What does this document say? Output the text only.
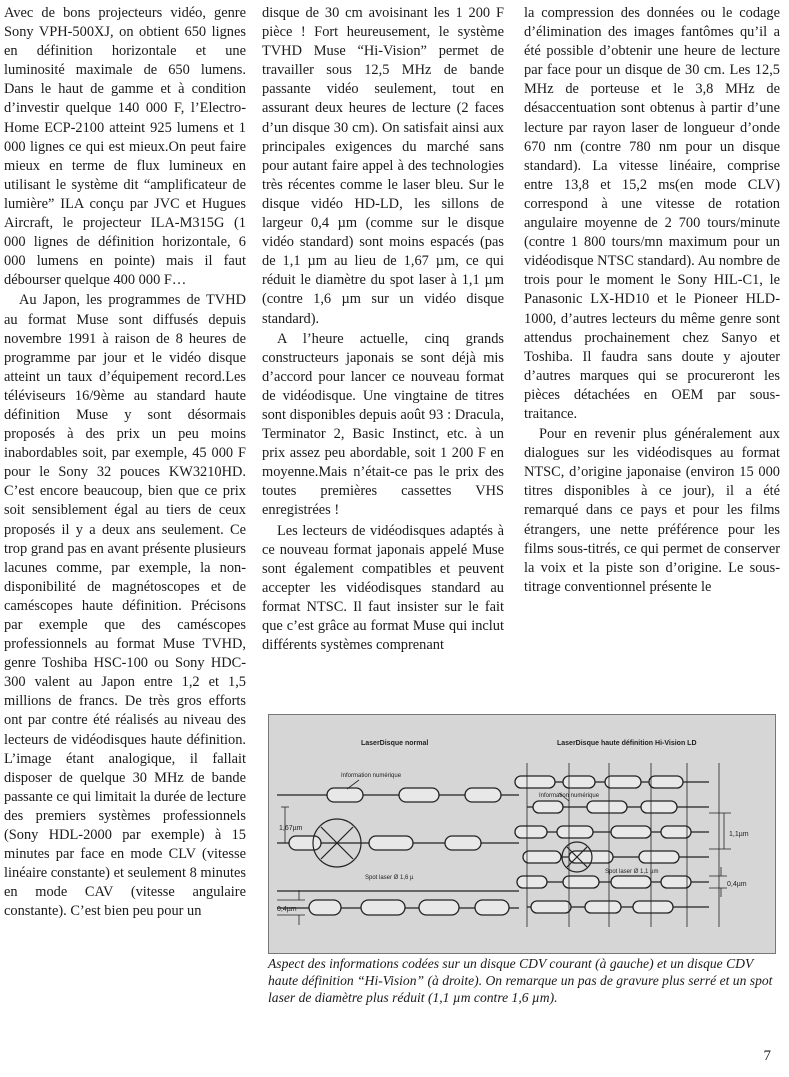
Avec de bons projecteurs vidéo, genre Sony VPH-500XJ, on obtient 650 lignes en définition horizontale et une luminosité maximale de 650 lumens. Dans le haut de gamme et à condition d’investir quelque 140 000 F, l’Electro-Home ECP-2100 atteint 925 lumens et 1 000 lignes ce qui est mieux.On peut faire mieux en terme de flux lumineux en utilisant le système dit “amplificateur de lumière” ILA conçu par JVC et Hugues Aircraft, le projecteur ILA-M315G (1 000 lignes de définition horizontale, 6 000 lumens en pointe) mais il faut débourser quelque 400 000 F…

Au Japon, les programmes de TVHD au format Muse sont diffusés depuis novembre 1991 à raison de 8 heures de programme par jour et le vidéo disque atteint un taux d’équipement record.Les téléviseurs 16/9ème au standard haute définition Muse y sont désormais proposés à des prix un peu moins inabordables soit, par exemple, 45 000 F pour le Sony 32 pouces KW3210HD. C’est encore beaucoup, bien que ce prix soit sensiblement égal au tiers de ceux proposés il y a deux ans seulement. Ce trop grand pas en avant présente plusieurs lacunes comme, par exemple, la non-disponibilité de magnétoscopes et de caméscopes haute définition. Précisons par exemple que des caméscopes professionnels au format Muse TVHD, genre Toshiba HSC-100 ou Sony HDC-300 valent au Japon entre 1,2 et 1,5 millions de francs. De très gros efforts ont par contre été réalisés au niveau des lecteurs de vidéodisques haute définition. L’image étant analogique, il fallait disposer de quelque 30 MHz de bande passante ce qui limitait la durée de lecture des premiers systèmes professionnels (Sony HDL-2000 par exemple) à 15 minutes par face en mode CLV (vitesse linéaire constante) et seulement 8 minutes en mode CAV (vitesse angulaire constante). C’est bien peu pour un

disque de 30 cm avoisinant les 1 200 F pièce ! Fort heureusement, le système TVHD Muse “Hi-Vision” permet de travailler sous 12,5 MHz de bande passante vidéo seulement, tout en assurant deux heures de lecture (2 faces d’un disque 30 cm). On satisfait ainsi aux principales exigences du marché sans pour autant faire appel à des technologies très récentes comme le laser bleu. Sur le disque vidéo HD-LD, les sillons de largeur 0,4 µm (comme sur le disque vidéo standard) sont moins espacés (pas de 1,1 µm au lieu de 1,67 µm, ce qui réduit le diamètre du spot laser à 1,1 µm (contre 1,6 µm sur un vidéo disque standard).

A l’heure actuelle, cinq grands constructeurs japonais se sont déjà mis d’accord pour lancer ce nouveau format de vidéodisque. Une vingtaine de titres sont disponibles depuis août 93 : Dracula, Terminator 2, Basic Instinct, etc. à un prix assez peu abordable, soit 1 200 F en moyenne.Mais n’était-ce pas le prix des toutes premières cassettes VHS enregistrées !

Les lecteurs de vidéodisques adaptés à ce nouveau format japonais appelé Muse sont également compatibles et peuvent accepter les vidéodisques standard au format NTSC. Il faut insister sur le fait que c’est grâce au format Muse qui inclut différents systèmes comprenant

la compression des données ou le codage d’élimination des images fantômes qu’il a été possible d’obtenir une heure de lecture par face pour un disque de 30 cm. Les 12,5 MHz de porteuse et le 3,8 MHz de désaccentuation sont obtenus à partir d’une lecture par rayon laser de longueur d’onde 670 nm (contre 780 nm pour un disque standard). La vitesse linéaire, comprise entre 13,8 et 15,2 ms(en mode CLV) correspond à une vitesse de rotation angulaire moyenne de 2 700 tours/minute (contre 1 800 tours/mn maximum pour un vidéodisque NTSC standard). Au nombre de trois pour le moment le Sony HIL-C1, le Panasonic LX-HD10 et le Pioneer HLD-1000, d’autres lecteurs du même genre sont attendus prochainement chez Sanyo et Toshiba. Il faudra sans doute y ajouter d’autres marques qui se procureront les pièces détachées en OEM par sous-traitance.

Pour en revenir plus généralement aux dialogues sur les vidéodisques au format NTSC, d’origine japonaise (environ 15 000 titres disponibles à ce jour), il a été remarqué dans ce pays et pour les films étrangers, une nette préférence pour les films sous-titrés, ce qui permet de conserver la voix et la piste son d’origine. Le sous-titrage conventionnel présente le

LaserDisque normal	LaserDisque haute définition Hi-Vision LD
Information numérique
1,67µm
0,4µm
Spot laser Ø 1,6 µ
Information numérique
1,1µm
0,4µm
Spot laser Ø 1,1 µm

Aspect des informations codées sur un disque CDV courant (à gauche) et un disque CDV haute définition “Hi-Vision” (à droite). On remarque un pas de gravure plus serré et un spot laser de diamètre plus réduit (1,1 µm contre 1,6 µm).

7
